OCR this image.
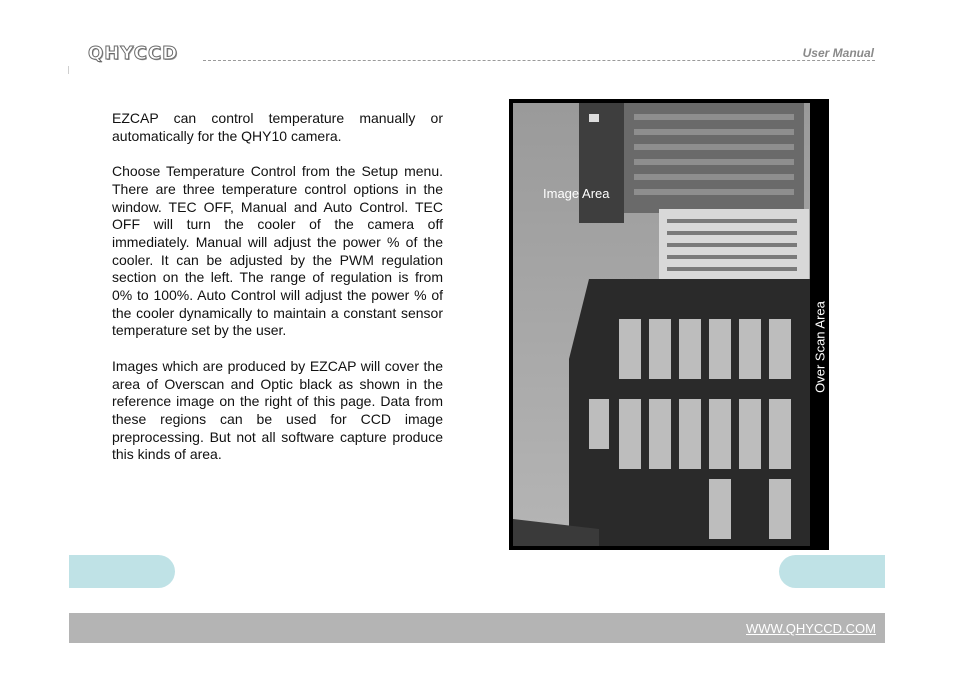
QHYCCD	User Manual

EZCAP can control temperature manually or automatically for the QHY10 camera.

Choose Temperature Control from the Setup menu. There are three temperature control options in the window. TEC OFF, Manual and Auto Control. TEC OFF will turn the cooler of the camera off immediately. Manual will adjust the power % of the cooler. It can be adjusted by the PWM regulation section on the left. The range of regulation is from 0% to 100%. Auto Control will adjust the power % of the cooler dynamically to maintain a constant sensor temperature set by the user.

Images which are produced by EZCAP will cover the area of Overscan and Optic black as shown in the reference image on the right of this page. Data from these regions can be used for CCD image preprocessing. But not all software capture produce this kinds of area.

Image Area
Over Scan Area
WWW.QHYCCD.COM
